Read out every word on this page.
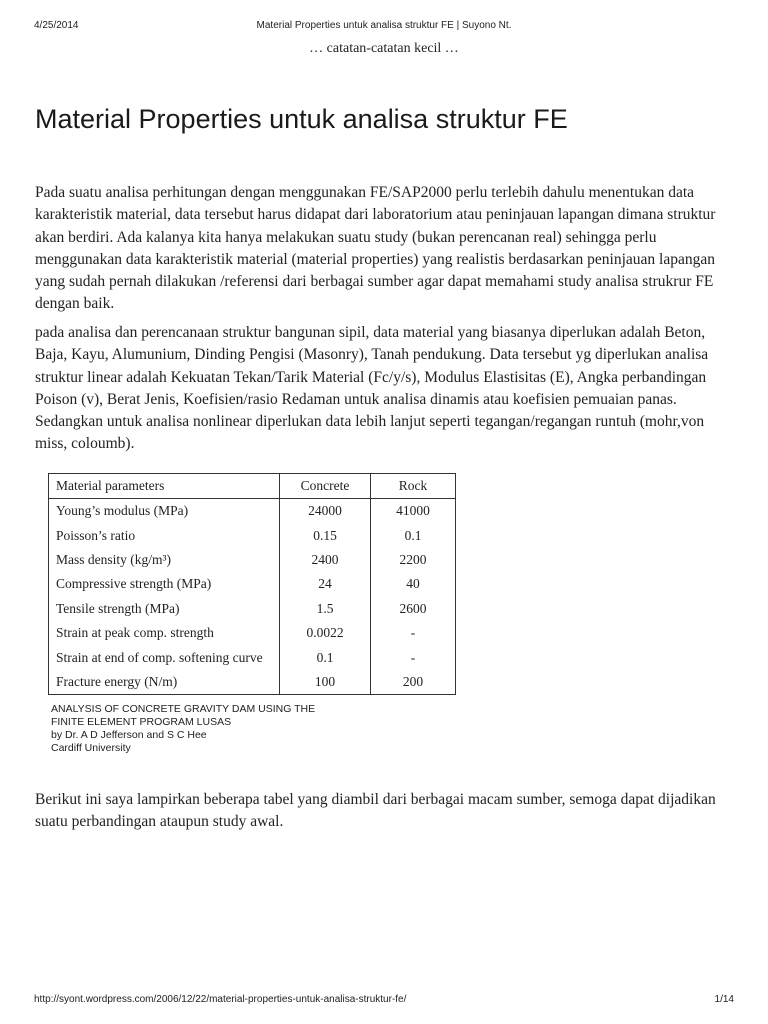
4/25/2014	Material Properties untuk analisa struktur FE | Suyono Nt.
… catatan-catatan kecil …
Material Properties untuk analisa struktur FE

Pada suatu analisa perhitungan dengan menggunakan FE/SAP2000 perlu terlebih dahulu menentukan data karakteristik material, data tersebut harus didapat dari laboratorium atau peninjauan lapangan dimana struktur akan berdiri. Ada kalanya kita hanya melakukan suatu study (bukan perencanan real) sehingga perlu menggunakan data karakteristik material (material properties) yang realistis berdasarkan peninjauan lapangan yang sudah pernah dilakukan /referensi dari berbagai sumber agar dapat memahami study analisa strukrur FE dengan baik.

pada analisa dan perencanaan struktur bangunan sipil, data material yang biasanya diperlukan adalah Beton, Baja, Kayu, Alumunium, Dinding Pengisi (Masonry), Tanah pendukung. Data tersebut yg diperlukan analisa struktur linear adalah Kekuatan Tekan/Tarik Material (Fc/y/s), Modulus Elastisitas (E), Angka perbandingan Poison (v), Berat Jenis, Koefisien/rasio Redaman untuk analisa dinamis atau koefisien pemuaian panas. Sedangkan untuk analisa nonlinear diperlukan data lebih lanjut seperti tegangan/regangan runtuh (mohr,von miss, coloumb).

Material parameters	Concrete	Rock
Young’s modulus (MPa)	24000	41000
Poisson’s ratio	0.15	0.1
Mass density (kg/m³)	2400	2200
Compressive strength (MPa)	24	40
Tensile strength (MPa)	1.5	2600
Strain at peak comp. strength	0.0022	-
Strain at end of comp. softening curve	0.1	-
Fracture energy (N/m)	100	200
ANALYSIS OF CONCRETE GRAVITY DAM USING THE
FINITE ELEMENT PROGRAM LUSAS
by Dr. A D Jefferson and S C Hee
Cardiff University

Berikut ini saya lampirkan beberapa tabel yang diambil dari berbagai macam sumber, semoga dapat dijadikan suatu perbandingan ataupun study awal.

http://syont.wordpress.com/2006/12/22/material-properties-untuk-analisa-struktur-fe/	1/14
